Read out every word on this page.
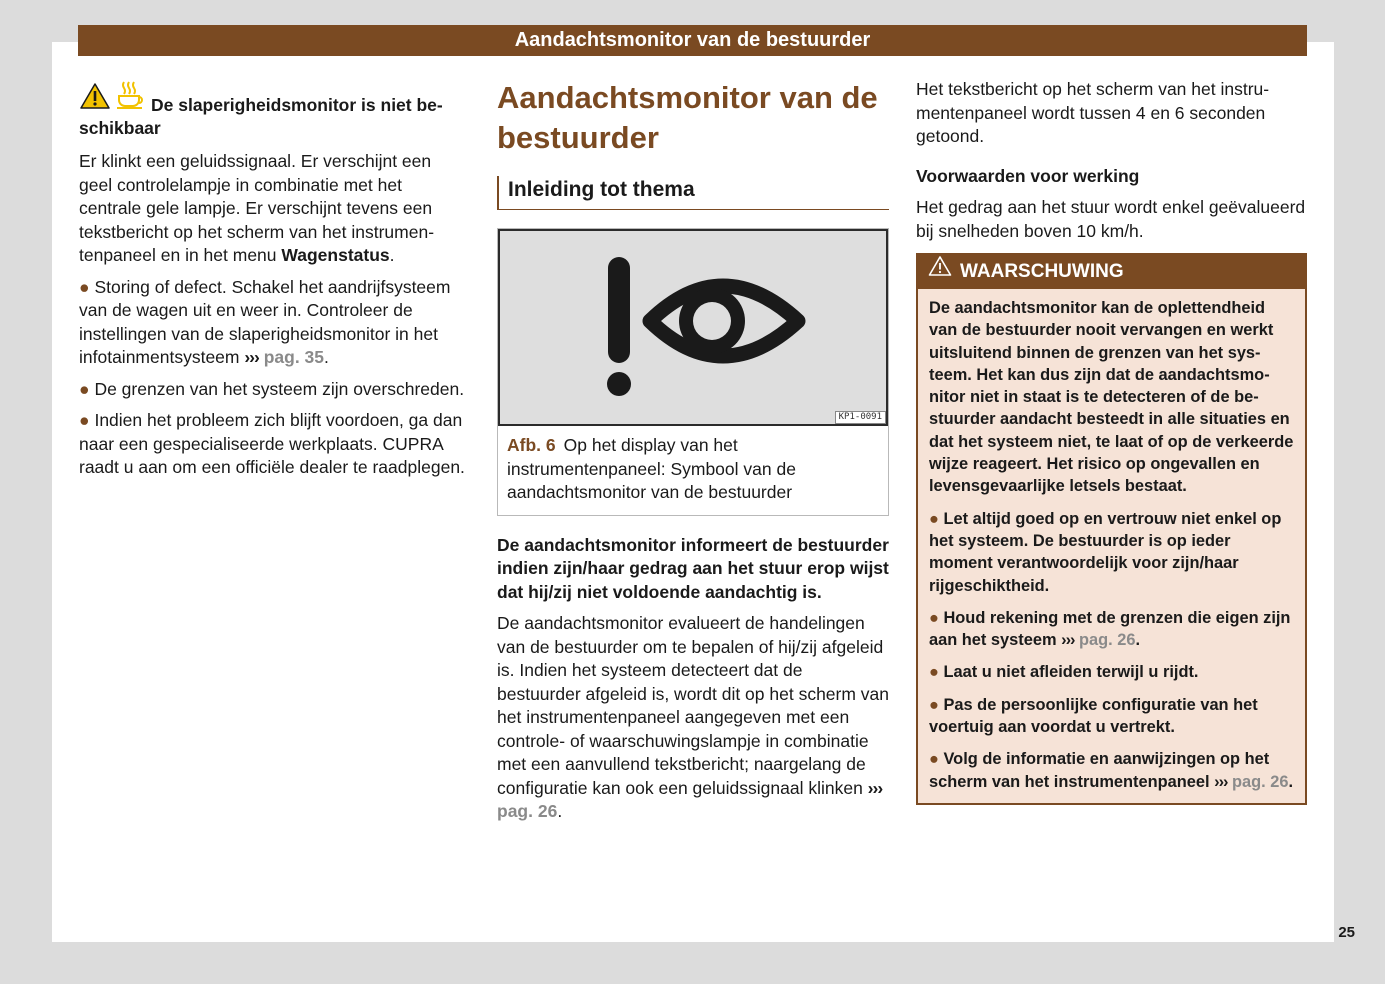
Aandachtsmonitor van de bestuurder
De slaperigheidsmonitor is niet be-

schikbaar

Er klinkt een geluidssignaal. Er verschijnt een geel controlelampje in combinatie met het centrale gele lampje. Er verschijnt tevens een tekstbericht op het scherm van het instrumentenpaneel en in het menu Wagenstatus.

● Storing of defect. Schakel het aandrijfsysteem van de wagen uit en weer in. Controleer de instellingen van de slaperigheidsmonitor in het infotainmentsysteem ››› pag. 35.

● De grenzen van het systeem zijn overschreden.

● Indien het probleem zich blijft voordoen, ga dan naar een gespecialiseerde werkplaats. CUPRA raadt u aan om een officiële dealer te raadplegen.

Aandachtsmonitor van de bestuurder
Inleiding tot thema
KP1-0091
Afb. 6 Op het display van het instrumentenpaneel: Symbool van de aandachtsmonitor van de bestuurder

De aandachtsmonitor informeert de bestuurder indien zijn/haar gedrag aan het stuur erop wijst dat hij/zij niet voldoende aandachtig is.

De aandachtsmonitor evalueert de handelingen van de bestuurder om te bepalen of hij/zij afgeleid is. Indien het systeem detecteert dat de bestuurder afgeleid is, wordt dit op het scherm van het instrumentenpaneel aangegeven met een controle- of waarschuwingslampje in combinatie met een aanvullend tekstbericht; naargelang de configuratie kan ook een geluidssignaal klinken ››› pag. 26.

Het tekstbericht op het scherm van het instrumentenpaneel wordt tussen 4 en 6 seconden getoond.

Voorwaarden voor werking

Het gedrag aan het stuur wordt enkel geëvalueerd bij snelheden boven 10 km/h.

WAARSCHUWING

De aandachtsmonitor kan de oplettendheid van de bestuurder nooit vervangen en werkt uitsluitend binnen de grenzen van het systeem. Het kan dus zijn dat de aandachtsmonitor niet in staat is te detecteren of de bestuurder aandacht besteedt in alle situaties en dat het systeem niet, te laat of op de verkeerde wijze reageert. Het risico op ongevallen en levensgevaarlijke letsels bestaat.

● Let altijd goed op en vertrouw niet enkel op het systeem. De bestuurder is op ieder moment verantwoordelijk voor zijn/haar rijgeschiktheid.

● Houd rekening met de grenzen die eigen zijn aan het systeem ››› pag. 26.

● Laat u niet afleiden terwijl u rijdt.

● Pas de persoonlijke configuratie van het voertuig aan voordat u vertrekt.

● Volg de informatie en aanwijzingen op het scherm van het instrumentenpaneel ››› pag. 26.

25
